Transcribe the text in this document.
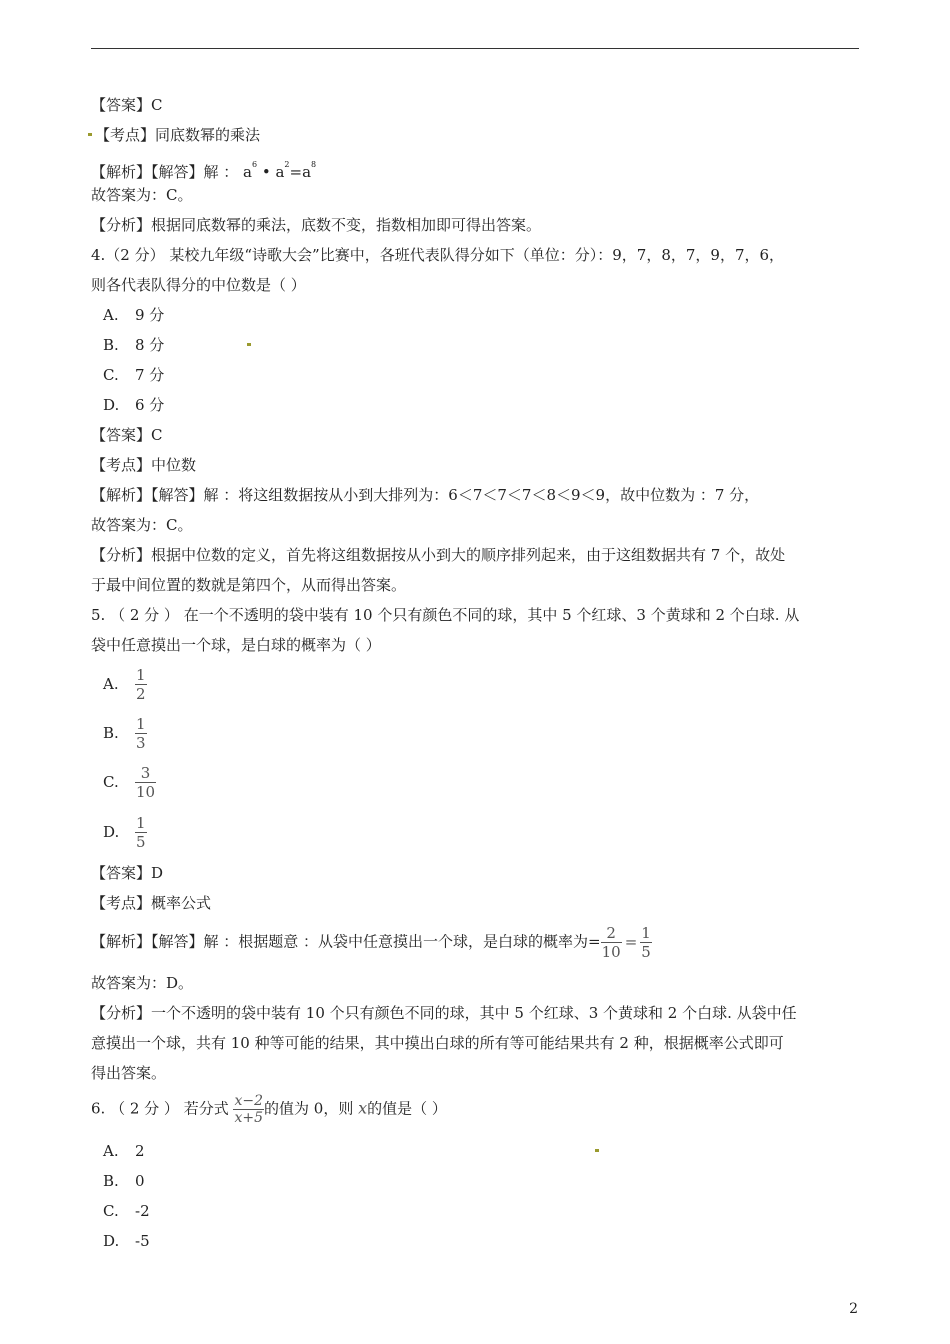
【答案】C
【考点】同底数幂的乘法
【解析】【解答】解 ： $a^6$ • $a^2=a^8$
故答案为：C。
【分析】根据同底数幂的乘法，底数不变，指数相加即可得出答案。
4.（2 分） 某校九年级“诗歌大会”比赛中，各班代表队得分如下（单位：分）：9，7，8，7，9，7，6，
则各代表队得分的中位数是（ ）
A. 9 分
B. 8 分
C. 7 分
D. 6 分
【答案】C
【考点】中位数
【解析】【解答】解 ：将这组数据按从小到大排列为：6＜7＜7＜7＜8＜9＜9，故中位数为 ：7 分，
故答案为：C。
【分析】根据中位数的定义，首先将这组数据按从小到大的顺序排列起来，由于这组数据共有 7 个，故处
于最中间位置的数就是第四个，从而得出答案。
5. （ 2 分 ） 在一个不透明的袋中装有 10 个只有颜色不同的球，其中 5 个红球、3 个黄球和 2 个白球. 从
袋中任意摸出一个球，是白球的概率为（ ）
A. $\frac{1}{2}$
B. $\frac{1}{3}$
C. $\frac{3}{10}$
D. $\frac{1}{5}$
【答案】D
【考点】概率公式
【解析】【解答】解 ：根据题意 ：从袋中任意摸出一个球，是白球的概率为= $\frac{2}{10} = \frac{1}{5}$
故答案为：D。
【分析】一个不透明的袋中装有 10 个只有颜色不同的球，其中 5 个红球、3 个黄球和 2 个白球. 从袋中任
意摸出一个球，共有 10 种等可能的结果，其中摸出白球的所有等可能结果共有 2 种，根据概率公式即可
得出答案。
6. （ 2 分 ） 若分式 $\frac{x-2}{x+5}$ 的值为 0，则 x的值是（ ）
A. 2
B. 0
C. -2
D. -5
2
